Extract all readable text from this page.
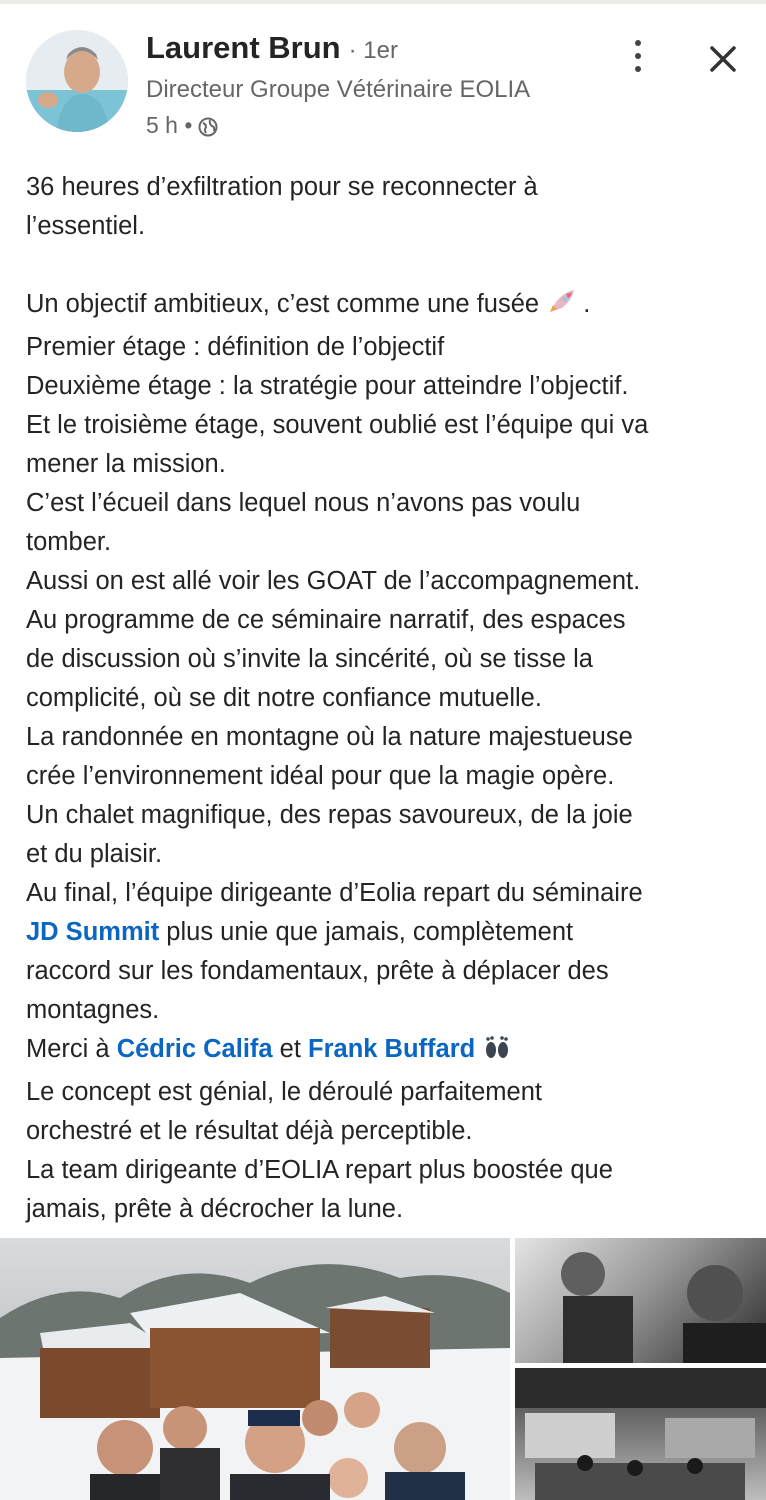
Laurent Brun · 1er
Directeur Groupe Vétérinaire EOLIA
5 h •

36 heures d’exfiltration pour se reconnecter à

l’essentiel.

Un objectif ambitieux, c’est comme une fusée .

Premier étage : définition de l’objectif

Deuxième étage : la stratégie pour atteindre l’objectif.

Et le troisième étage, souvent oublié est l’équipe qui va

mener la mission.

C’est l’écueil dans lequel nous n’avons pas voulu

tomber.

Aussi on est allé voir les GOAT de l’accompagnement.

Au programme de ce séminaire narratif, des espaces

de discussion où s’invite la sincérité, où se tisse la

complicité, où se dit notre confiance mutuelle.

La randonnée en montagne où la nature majestueuse

crée l’environnement idéal pour que la magie opère.

Un chalet magnifique, des repas savoureux, de la joie

et du plaisir.

Au final, l’équipe dirigeante d’Eolia repart du séminaire

JD Summit plus unie que jamais, complètement

raccord sur les fondamentaux, prête à déplacer des

montagnes.

Merci à Cédric Califa et Frank Buffard

Le concept est génial, le déroulé parfaitement

orchestré et le résultat déjà perceptible.

La team dirigeante d’EOLIA repart plus boostée que

jamais, prête à décrocher la lune.
